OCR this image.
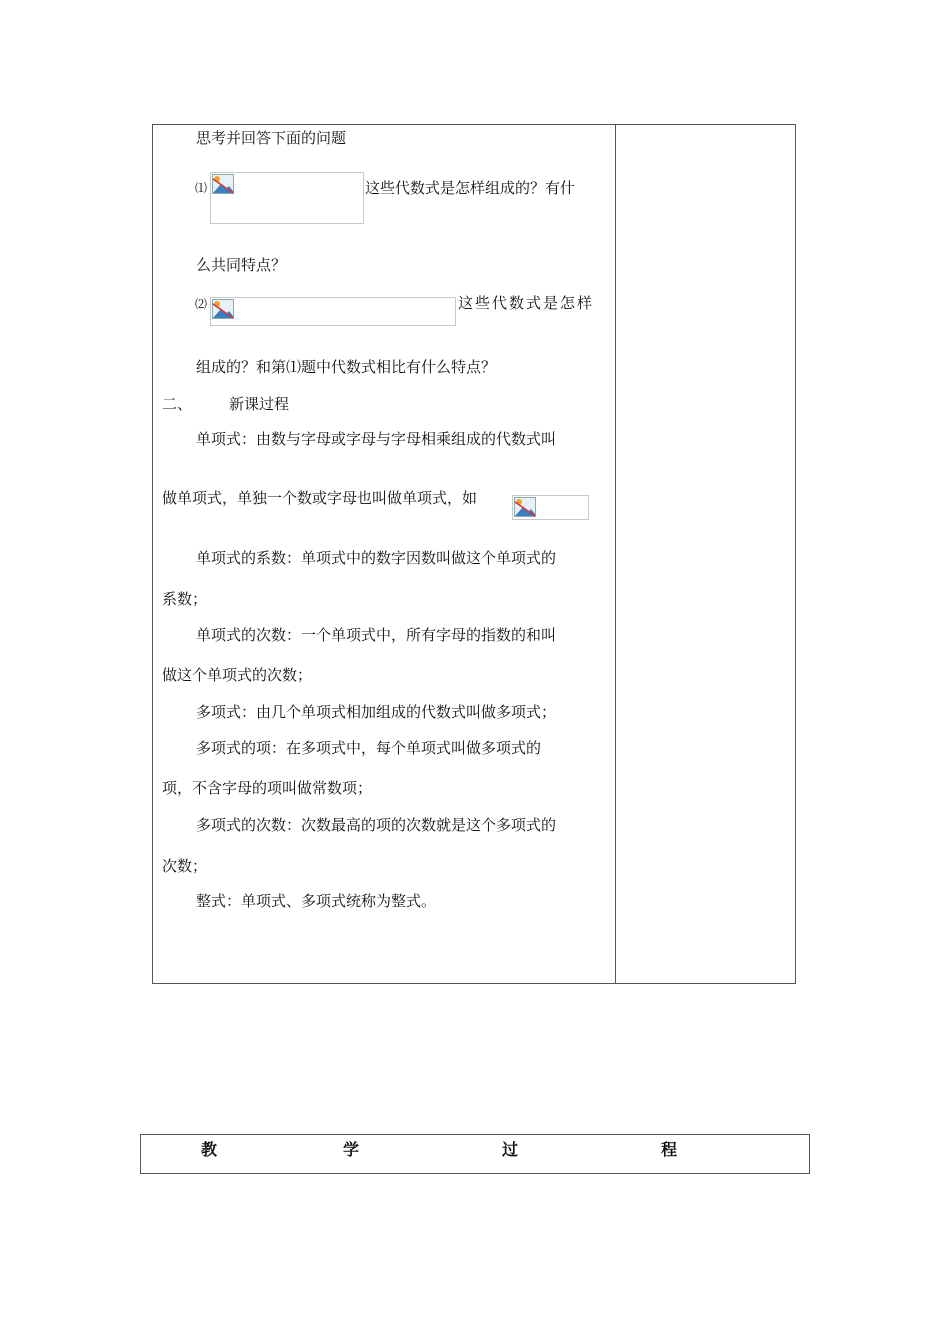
思考并回答下面的问题
⑴	这些代数式是怎样组成的？有什
么共同特点？
⑵	这些代数式是怎样
组成的？和第⑴题中代数式相比有什么特点？
二、 新课过程
单项式：由数与字母或字母与字母相乘组成的代数式叫
做单项式，单独一个数或字母也叫做单项式，如
单项式的系数：单项式中的数字因数叫做这个单项式的
系数；
单项式的次数：一个单项式中，所有字母的指数的和叫
做这个单项式的次数；
多项式：由几个单项式相加组成的代数式叫做多项式；
多项式的项：在多项式中，每个单项式叫做多项式的
项，不含字母的项叫做常数项；
多项式的次数：次数最高的项的次数就是这个多项式的
次数；
整式：单项式、多项式统称为整式。
教	学	过	程
